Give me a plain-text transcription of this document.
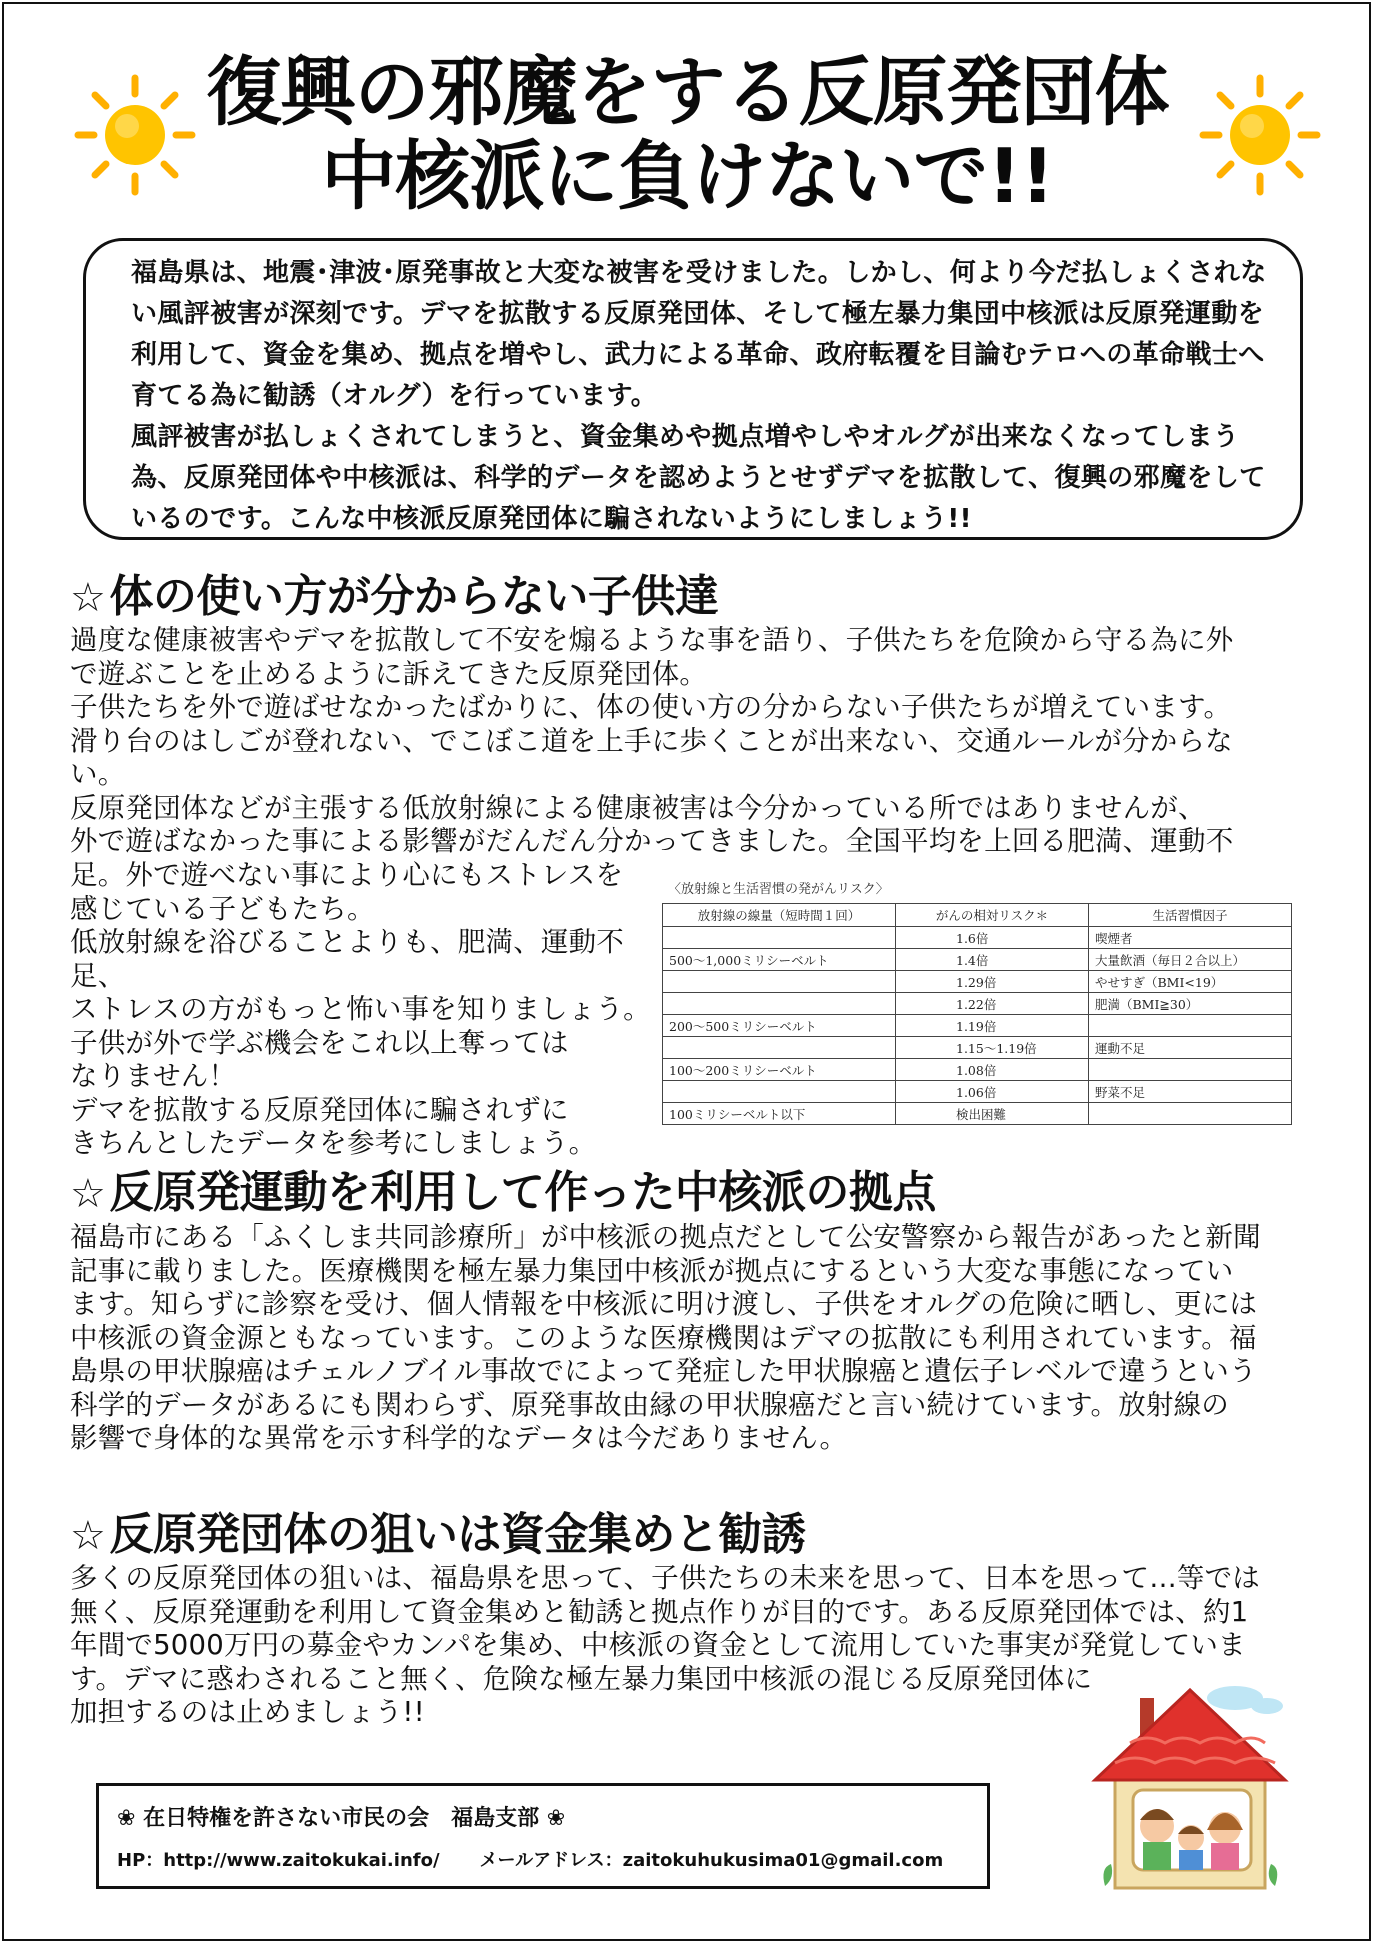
復興の邪魔をする反原発団体
中核派に負けないで!!

福島県は、地震･津波･原発事故と大変な被害を受けました。しかし、何より今だ払しょくされない風評被害が深刻です。デマを拡散する反原発団体、そして極左暴力集団中核派は反原発運動を利用して、資金を集め、拠点を増やし、武力による革命、政府転覆を目論むテロへの革命戦士へ育てる為に勧誘（オルグ）を行っています。

風評被害が払しょくされてしまうと、資金集めや拠点増やしやオルグが出来なくなってしまう為、反原発団体や中核派は、科学的データを認めようとせずデマを拡散して、復興の邪魔をしているのです。こんな中核派反原発団体に騙されないようにしましょう!!

☆体の使い方が分からない子供達

過度な健康被害やデマを拡散して不安を煽るような事を語り、子供たちを危険から守る為に外

で遊ぶことを止めるように訴えてきた反原発団体。

子供たちを外で遊ばせなかったばかりに、体の使い方の分からない子供たちが増えています。

滑り台のはしごが登れない、でこぼこ道を上手に歩くことが出来ない、交通ルールが分からな

い。

反原発団体などが主張する低放射線による健康被害は今分かっている所ではありませんが、

外で遊ばなかった事による影響がだんだん分かってきました。全国平均を上回る肥満、運動不

足。外で遊べない事により心にもストレスを

感じている子どもたち。

低放射線を浴びることよりも、肥満、運動不足、

ストレスの方がもっと怖い事を知りましょう。

子供が外で学ぶ機会をこれ以上奪っては

なりません！

デマを拡散する反原発団体に騙されずに

きちんとしたデータを参考にしましょう。

〈放射線と生活習慣の発がんリスク〉
放射線の線量（短時間１回）	がんの相対リスク＊	生活習慣因子
	1.6倍	喫煙者
500〜1,000ミリシーベルト	1.4倍	大量飲酒（毎日２合以上）
	1.29倍	やせすぎ（BMI<19）
	1.22倍	肥満（BMI≧30）
200〜500ミリシーベルト	1.19倍	
	1.15〜1.19倍	運動不足
100〜200ミリシーベルト	1.08倍	
	1.06倍	野菜不足
100ミリシーベルト以下	検出困難	
☆反原発運動を利用して作った中核派の拠点

福島市にある「ふくしま共同診療所」が中核派の拠点だとして公安警察から報告があったと新聞

記事に載りました。医療機関を極左暴力集団中核派が拠点にするという大変な事態になってい

ます。知らずに診察を受け、個人情報を中核派に明け渡し、子供をオルグの危険に晒し、更には

中核派の資金源ともなっています。このような医療機関はデマの拡散にも利用されています。福

島県の甲状腺癌はチェルノブイル事故でによって発症した甲状腺癌と遺伝子レベルで違うという

科学的データがあるにも関わらず、原発事故由縁の甲状腺癌だと言い続けています。放射線の

影響で身体的な異常を示す科学的なデータは今だありません。

☆反原発団体の狙いは資金集めと勧誘

多くの反原発団体の狙いは、福島県を思って、子供たちの未来を思って、日本を思って…等では

無く、反原発運動を利用して資金集めと勧誘と拠点作りが目的です。ある反原発団体では、約1

年間で5000万円の募金やカンパを集め、中核派の資金として流用していた事実が発覚していま

す。デマに惑わされること無く、危険な極左暴力集団中核派の混じる反原発団体に

加担するのは止めましょう!!

❀ 在日特権を許さない市民の会　福島支部 ❀
HP：http://www.zaitokukai.info/ メールアドレス：zaitokuhukusima01@gmail.com
